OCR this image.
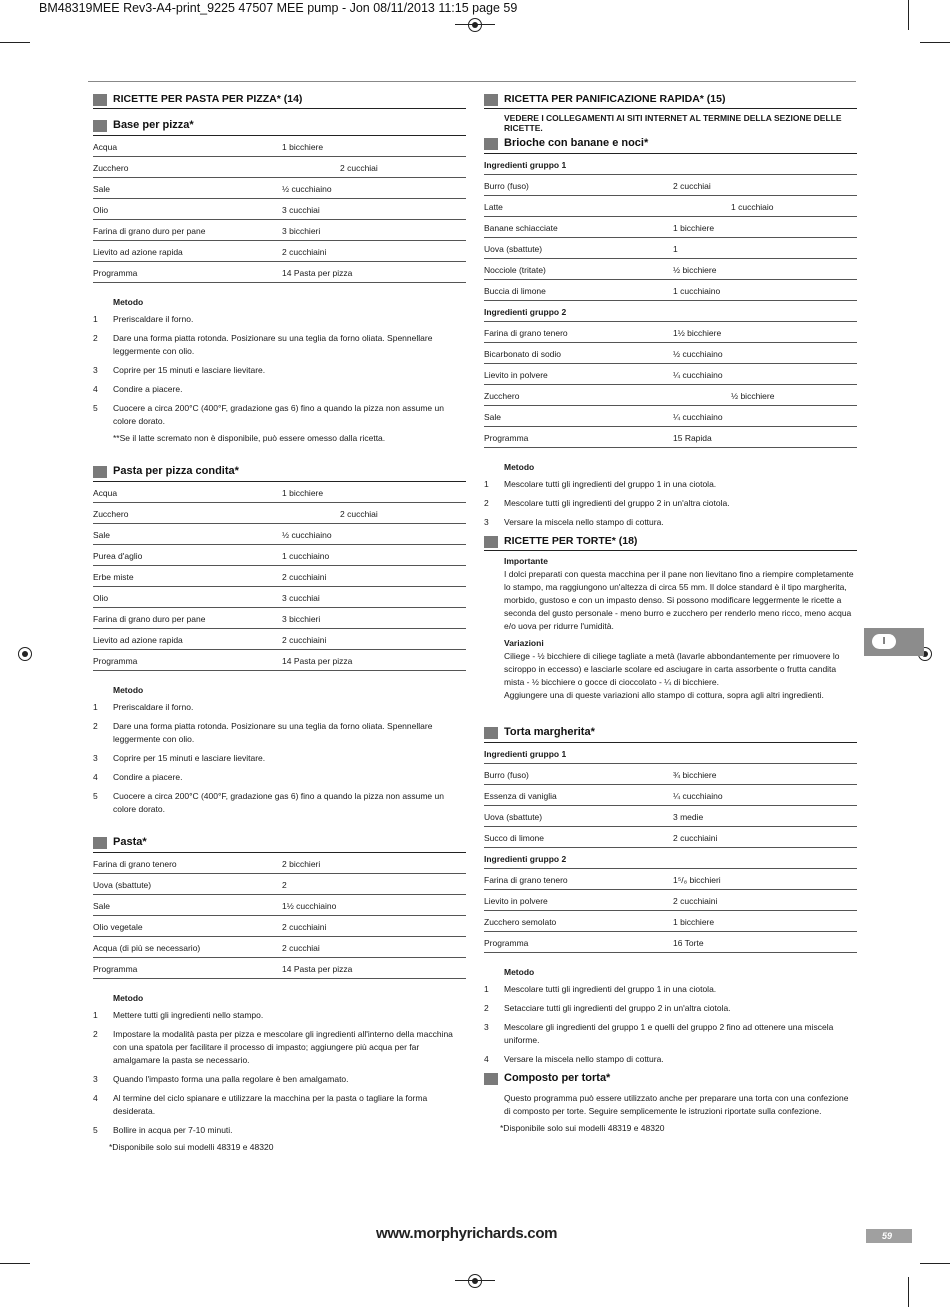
BM48319MEE Rev3-A4-print_9225 47507 MEE pump - Jon 08/11/2013 11:15 page 59
RICETTE PER PASTA PER PIZZA* (14)
Base per pizza*
Acqua	1 bicchiere
Zucchero	2 cucchiai
Sale	½ cucchiaino
Olio	3 cucchiai
Farina di grano duro per pane	3 bicchieri
Lievito ad azione rapida	2 cucchiaini
Programma	14 Pasta per pizza
Metodo
1 Preriscaldare il forno.
2 Dare una forma piatta rotonda. Posizionare su una teglia da forno oliata. Spennellare leggermente con olio.
3 Coprire per 15 minuti e lasciare lievitare.
4 Condire a piacere.
5 Cuocere a circa 200°C (400°F, gradazione gas 6) fino a quando la pizza non assume un colore dorato.
**Se il latte scremato non è disponibile, può essere omesso dalla ricetta.
Pasta per pizza condita*
Acqua	1 bicchiere
Zucchero	2 cucchiai
Sale	½ cucchiaino
Purea d'aglio	1 cucchiaino
Erbe miste	2 cucchiaini
Olio	3 cucchiai
Farina di grano duro per pane	3 bicchieri
Lievito ad azione rapida	2 cucchiaini
Programma	14 Pasta per pizza
Metodo
1 Preriscaldare il forno.
2 Dare una forma piatta rotonda. Posizionare su una teglia da forno oliata. Spennellare leggermente con olio.
3 Coprire per 15 minuti e lasciare lievitare.
4 Condire a piacere.
5 Cuocere a circa 200°C (400°F, gradazione gas 6) fino a quando la pizza non assume un colore dorato.
Pasta*
Farina di grano tenero	2 bicchieri
Uova (sbattute)	2
Sale	1½ cucchiaino
Olio vegetale	2 cucchiaini
Acqua (di più se necessario)	2 cucchiai
Programma	14 Pasta per pizza
Metodo
1 Mettere tutti gli ingredienti nello stampo.
2 Impostare la modalità pasta per pizza e mescolare gli ingredienti all'interno della macchina con una spatola per facilitare il processo di impasto; aggiungere più acqua per far amalgamare la pasta se necessario.
3 Quando l'impasto forma una palla regolare è ben amalgamato.
4 Al termine del ciclo spianare e utilizzare la macchina per la pasta o tagliare la forma desiderata.
5 Bollire in acqua per 7-10 minuti.
*Disponibile solo sui modelli 48319 e 48320
RICETTA PER PANIFICAZIONE RAPIDA* (15)
VEDERE I COLLEGAMENTI AI SITI INTERNET AL TERMINE DELLA SEZIONE DELLE RICETTE.
Brioche con banane e noci*
Ingredienti gruppo 1
Burro (fuso)	2 cucchiai
Latte	1 cucchiaio
Banane schiacciate	1 bicchiere
Uova (sbattute)	1
Nocciole (tritate)	½ bicchiere
Buccia di limone	1 cucchiaino
Ingredienti gruppo 2
Farina di grano tenero	1½ bicchiere
Bicarbonato di sodio	½ cucchiaino
Lievito in polvere	¼ cucchiaino
Zucchero	½ bicchiere
Sale	¼ cucchiaino
Programma	15 Rapida
Metodo
1 Mescolare tutti gli ingredienti del gruppo 1 in una ciotola.
2 Mescolare tutti gli ingredienti del gruppo 2 in un'altra ciotola.
3 Versare la miscela nello stampo di cottura.
RICETTE PER TORTE* (18)
Importante
I dolci preparati con questa macchina per il pane non lievitano fino a riempire completamente lo stampo, ma raggiungono un'altezza di circa 55 mm. Il dolce standard è il tipo margherita, morbido, gustoso e con un impasto denso. Si possono modificare leggermente le ricette a seconda del gusto personale - meno burro e zucchero per renderlo meno ricco, meno acqua e/o uova per ridurre l'umidità.
Variazioni
Ciliege - ½ bicchiere di ciliege tagliate a metà (lavarle abbondantemente per rimuovere lo sciroppo in eccesso) e lasciarle scolare ed asciugare in carta assorbente o frutta candita mista - ½ bicchiere o gocce di cioccolato - ¼ di bicchiere.
Aggiungere una di queste variazioni allo stampo di cottura, sopra agli altri ingredienti.
Torta margherita*
Ingredienti gruppo 1
Burro (fuso)	¾ bicchiere
Essenza di vaniglia	¼ cucchiaino
Uova (sbattute)	3 medie
Succo di limone	2 cucchiaini
Ingredienti gruppo 2
Farina di grano tenero	1⁵/₈ bicchieri
Lievito in polvere	2 cucchiaini
Zucchero semolato	1 bicchiere
Programma	16 Torte
Metodo
1 Mescolare tutti gli ingredienti del gruppo 1 in una ciotola.
2 Setacciare tutti gli ingredienti del gruppo 2 in un'altra ciotola.
3 Mescolare gli ingredienti del gruppo 1 e quelli del gruppo 2 fino ad ottenere una miscela uniforme.
4 Versare la miscela nello stampo di cottura.
Composto per torta*
Questo programma può essere utilizzato anche per preparare una torta con una confezione di composto per torte. Seguire semplicemente le istruzioni riportate sulla confezione.
*Disponibile solo sui modelli 48319 e 48320
I
www.morphyrichards.com	59
